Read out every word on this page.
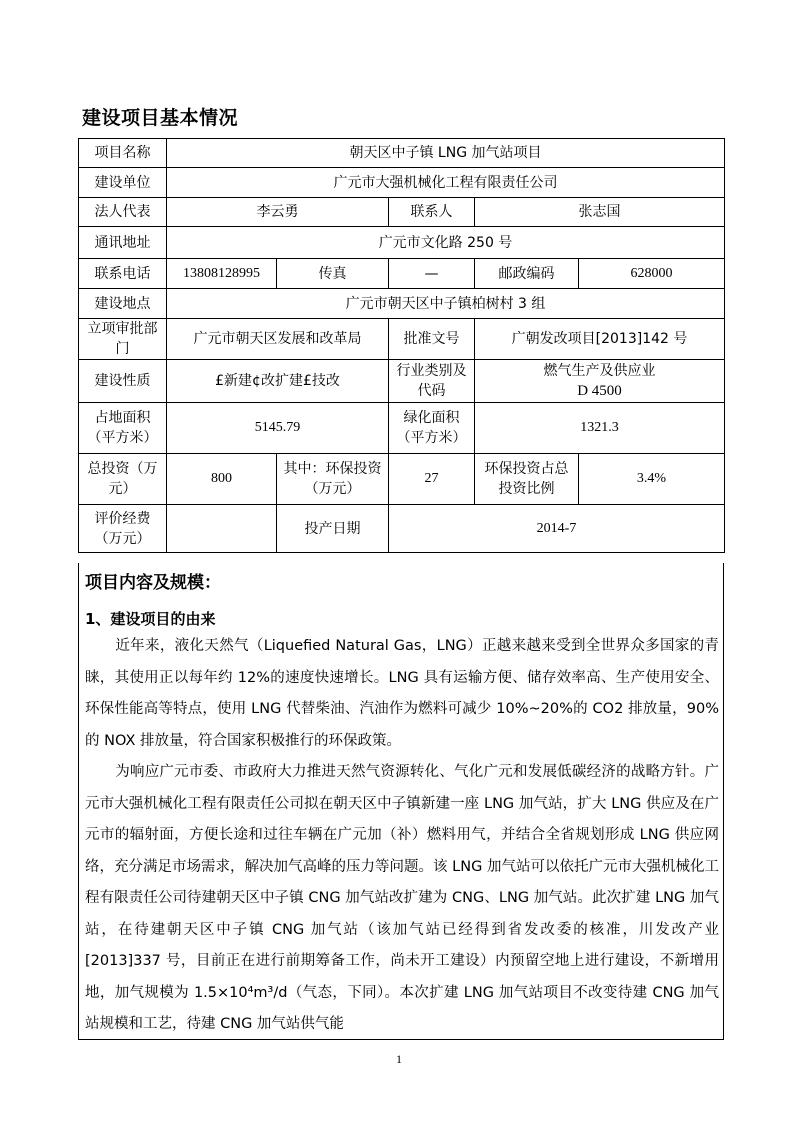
建设项目基本情况
项目名称	朝天区中子镇 LNG 加气站项目				
建设单位	广元市大强机械化工程有限责任公司				
法人代表	李云勇		联系人	张志国	
通讯地址	广元市文化路 250 号				
联系电话	13808128995	传真	—	邮政编码	628000
建设地点	广元市朝天区中子镇柏树村 3 组				
立项审批部门	广元市朝天区发展和改革局		批准文号	广朝发改项目[2013]142 号	
建设性质	£新建¢改扩建£技改		行业类别及代码	燃气生产及供应业
D 4500	

占地面积（平方米）	5145.79		绿化面积（平方米）	1321.3	
总投资（万元）	800	其中：环保投资（万元）	27	环保投资占总投资比例	3.4%
评价经费（万元）		投产日期	2014-7		
项目内容及规模：
1、建设项目的由来
近年来，液化天然气（Liquefied Natural Gas，LNG）正越来越来受到全世界众多国家的青睐，其使用正以每年约 12%的速度快速增长。LNG 具有运输方便、储存效率高、生产使用安全、环保性能高等特点，使用 LNG 代替柴油、汽油作为燃料可减少 10%~20%的 CO2 排放量，90%的 NOX 排放量，符合国家积极推行的环保政策。
为响应广元市委、市政府大力推进天然气资源转化、气化广元和发展低碳经济的战略方针。广元市大强机械化工程有限责任公司拟在朝天区中子镇新建一座 LNG 加气站，扩大 LNG 供应及在广元市的辐射面，方便长途和过往车辆在广元加（补）燃料用气，并结合全省规划形成 LNG 供应网络，充分满足市场需求，解决加气高峰的压力等问题。该 LNG 加气站可以依托广元市大强机械化工程有限责任公司待建朝天区中子镇 CNG 加气站改扩建为 CNG、LNG 加气站。此次扩建 LNG 加气站，在待建朝天区中子镇 CNG 加气站（该加气站已经得到省发改委的核准，川发改产业[2013]337 号，目前正在进行前期筹备工作，尚未开工建设）内预留空地上进行建设，不新增用地，加气规模为 1.5×10⁴m³/d（气态，下同）。本次扩建 LNG 加气站项目不改变待建 CNG 加气站规模和工艺，待建 CNG 加气站供气能
1
